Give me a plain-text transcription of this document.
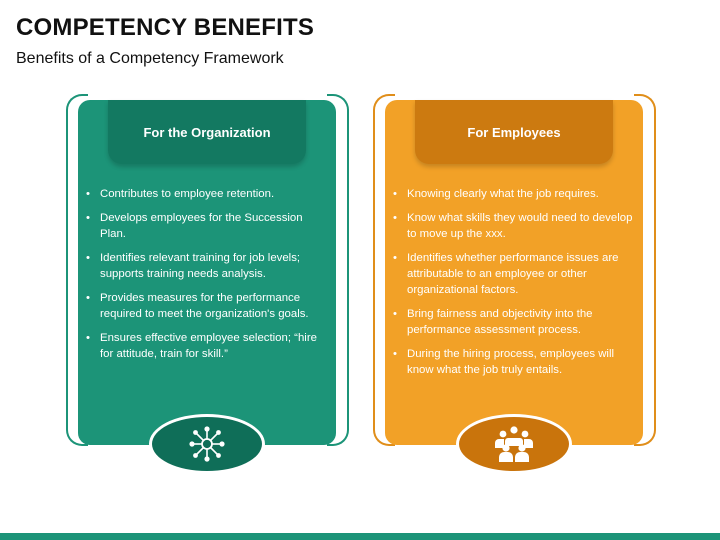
COMPETENCY BENEFITS

Benefits of a Competency Framework

For the Organization
• Contributes to employee retention.
• Develops employees for the Succession Plan.
• Identifies relevant training for job levels; supports training needs analysis.
• Provides measures for the performance required to meet the organization's goals.
• Ensures effective employee selection; “hire for attitude, train for skill.”
For Employees
• Knowing clearly what the job requires.
• Know what skills they would need to develop to move up the xxx.
• Identifies whether performance issues are attributable to an employee or other organizational factors.
• Bring fairness and objectivity into the performance assessment process.
• During the hiring process, employees will know what the job truly entails.
